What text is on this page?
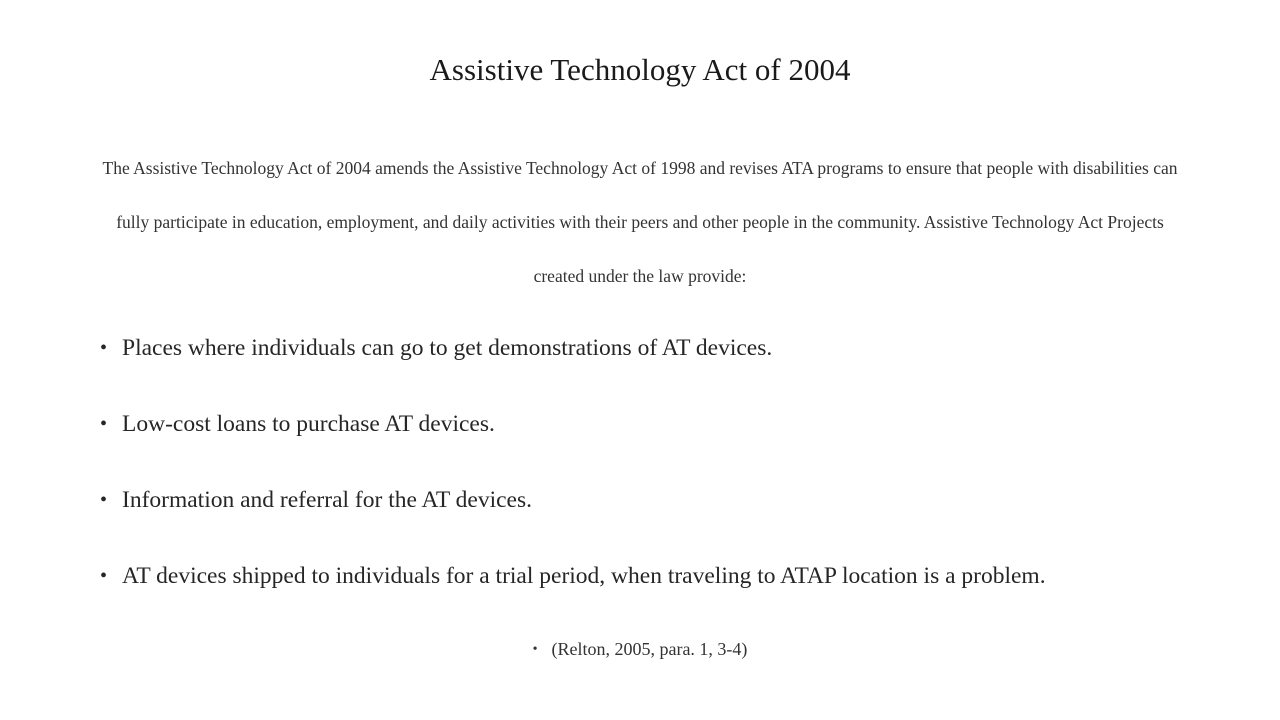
Assistive Technology Act of 2004

The Assistive Technology Act of 2004 amends the Assistive Technology Act of 1998 and revises ATA programs to ensure that people with disabilities can fully participate in education, employment, and daily activities with their peers and other people in the community. Assistive Technology Act Projects created under the law provide:

• Places where individuals can go to get demonstrations of AT devices.
• Low-cost loans to purchase AT devices.
• Information and referral for the AT devices.
• AT devices shipped to individuals for a trial period, when traveling to ATAP location is a problem.
• (Relton, 2005, para. 1, 3-4)
